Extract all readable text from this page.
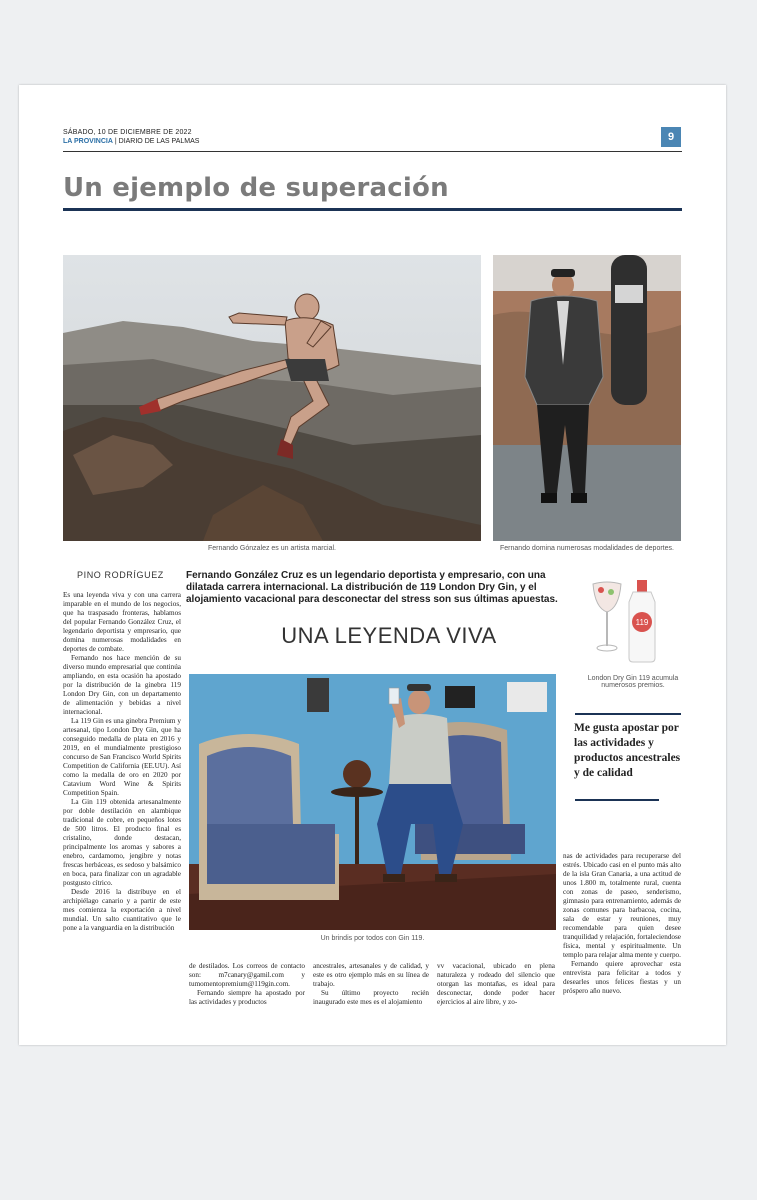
SÁBADO, 10 DE DICIEMBRE DE 2022
LA PROVINCIA | DIARIO DE LAS PALMAS	9
Un ejemplo de superación
Fernando Gónzalez es un artista marcial.	Fernando domina numerosas modalidades de deportes.
PINO RODRÍGUEZ Fernando González Cruz es un legendario deportista y empresario, con una dilatada carrera internacional. La distribución de 119 London Dry Gin, y el alojamiento vacacional para desconectar del stress son sus últimas apuestas.
UNA LEYENDA VIVA
119
London Dry Gin 119 acumula numerosos premios.
Me gusta apostar por las actividades y productos ancestrales y de calidad
Un brindis por todos con Gin 119.

Es una leyenda viva y con una carrera imparable en el mundo de los negocios, que ha traspasado fronteras, hablamos del popular Fernando González Cruz, el legendario deportista y empresario, que domina numerosas modalidades en deportes de combate.

Fernando nos hace mención de su diverso mundo empresarial que continúa ampliando, en esta ocasión ha apostado por la distribución de la ginebra 119 London Dry Gin, con un departamento de alimentación y bebidas a nivel internacional.

La 119 Gin es una ginebra Premium y artesanal, tipo London Dry Gin, que ha conseguido medalla de plata en 2016 y 2019, en el mundialmente prestigioso concurso de San Francisco World Spirits Competition de California (EE.UU). Así como la medalla de oro en 2020 por Catavium Word Wine & Spirits Competition Spain.

La Gin 119 obtenida artesanalmente por doble destilación en alambique tradicional de cobre, en pequeños lotes de 500 litros. El producto final es cristalino, donde destacan, principalmente los aromas y sabores a enebro, cardamomo, jengibre y notas frescas herbáceas, es sedoso y balsámico en boca, para finalizar con un agradable postgusto cítrico.

Desde 2016 la distribuye en el archipiélago canario y a partir de este mes comienza la exportación a nivel mundial. Un salto cuantitativo que le pone a la vanguardia en la distribución

de destilados. Los correos de contacto son: m7canary@gamil.com y tumomentopremium@119gin.com.

Fernando siempre ha apostado por las actividades y productos

ancestrales, artesanales y de calidad, y este es otro ejemplo más en su línea de trabajo.

Su último proyecto recién inaugurado este mes es el alojamiento

vv vacacional, ubicado en plena naturaleza y rodeado del silencio que otorgan las montañas, es ideal para desconectar, donde poder hacer ejercicios al aire libre, y zo-

nas de actividades para recuperarse del estrés. Ubicado casi en el punto más alto de la isla Gran Canaria, a una actitud de unos 1.800 m, totalmente rural, cuenta con zonas de paseo, senderismo, gimnasio para entrenamiento, además de zonas comunes para barbacoa, cocina, sala de estar y reuniones, muy recomendable para quien desee tranquilidad y relajación, fortaleciendose física, mental y espiritualmente. Un templo para relajar alma mente y cuerpo.

Fernando quiere aprovechar esta entrevista para felicitar a todos y desearles unos felices fiestas y un próspero año nuevo.
